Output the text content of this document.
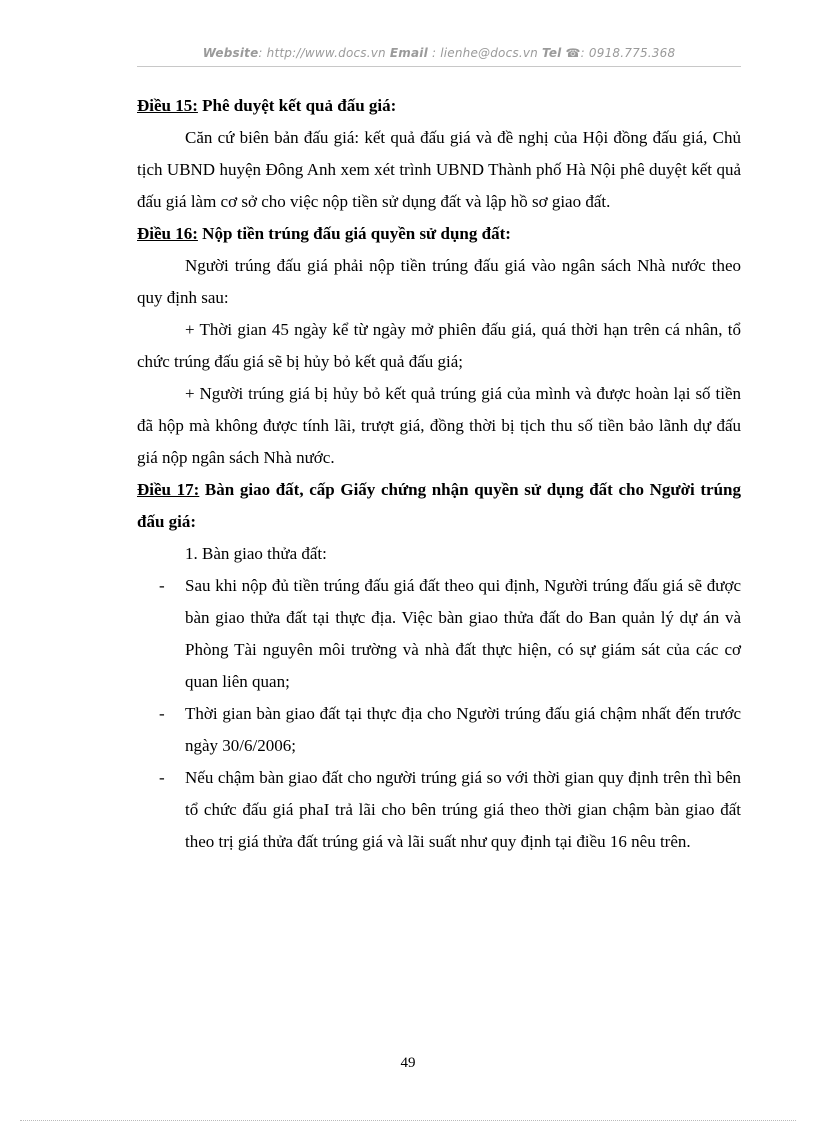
Website: http://www.docs.vn Email : lienhe@docs.vn Tel ☎: 0918.775.368
Điều 15: Phê duyệt kết quả đấu giá:
Căn cứ biên bản đấu giá: kết quả đấu giá và đề nghị của Hội đồng đấu giá, Chủ tịch UBND huyện Đông Anh xem xét trình UBND Thành phố Hà Nội phê duyệt kết quả đấu giá làm cơ sở cho việc nộp tiền sử dụng đất và lập hồ sơ giao đất.
Điều 16: Nộp tiền trúng đấu giá quyền sử dụng đất:
Người trúng đấu giá phải nộp tiền trúng đấu giá vào ngân sách Nhà nước theo quy định sau:
+ Thời gian 45 ngày kể từ ngày mở phiên đấu giá, quá thời hạn trên cá nhân, tổ chức trúng đấu giá sẽ bị hủy bỏ kết quả đấu giá;
+ Người trúng giá bị hủy bỏ kết quả trúng giá của mình và được hoàn lại số tiền đã hộp mà không được tính lãi, trượt giá, đồng thời bị tịch thu số tiền bảo lãnh dự đấu giá nộp ngân sách Nhà nước.
Điều 17: Bàn giao đất, cấp Giấy chứng nhận quyền sử dụng đất cho Người trúng đấu giá:
1. Bàn giao thửa đất:
- Sau khi nộp đủ tiền trúng đấu giá đất theo qui định, Người trúng đấu giá sẽ được bàn giao thửa đất tại thực địa. Việc bàn giao thửa đất do Ban quản lý dự án và Phòng Tài nguyên môi trường và nhà đất thực hiện, có sự giám sát của các cơ quan liên quan;
- Thời gian bàn giao đất tại thực địa cho Người trúng đấu giá chậm nhất đến trước ngày 30/6/2006;
- Nếu chậm bàn giao đất cho người trúng giá so với thời gian quy định trên thì bên tổ chức đấu giá phaI trả lãi cho bên trúng giá theo thời gian chậm bàn giao đất theo trị giá thửa đất trúng giá và lãi suất như quy định tại điều 16 nêu trên.
49
